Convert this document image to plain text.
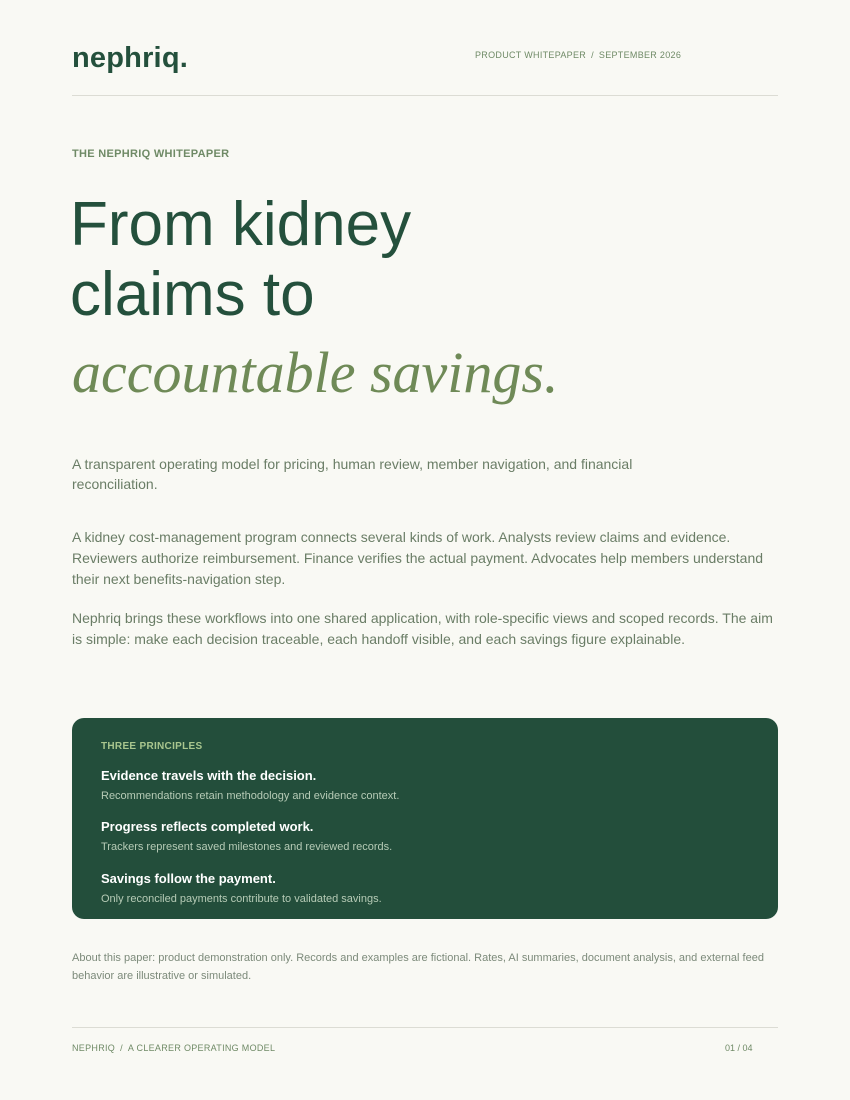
nephriq.	PRODUCT WHITEPAPER / SEPTEMBER 2026
THE NEPHRIQ WHITEPAPER
From kidney
claims to
accountable savings.
A transparent operating model for pricing, human review, member navigation, and financial reconciliation.
A kidney cost-management program connects several kinds of work. Analysts review claims and evidence. Reviewers authorize reimbursement. Finance verifies the actual payment. Advocates help members understand their next benefits-navigation step.
Nephriq brings these workflows into one shared application, with role-specific views and scoped records. The aim is simple: make each decision traceable, each handoff visible, and each savings figure explainable.
THREE PRINCIPLES
Evidence travels with the decision.
Recommendations retain methodology and evidence context.
Progress reflects completed work.
Trackers represent saved milestones and reviewed records.
Savings follow the payment.
Only reconciled payments contribute to validated savings.
About this paper: product demonstration only. Records and examples are fictional. Rates, AI summaries, document analysis, and external feed behavior are illustrative or simulated.
NEPHRIQ / A CLEARER OPERATING MODEL	01 / 04
